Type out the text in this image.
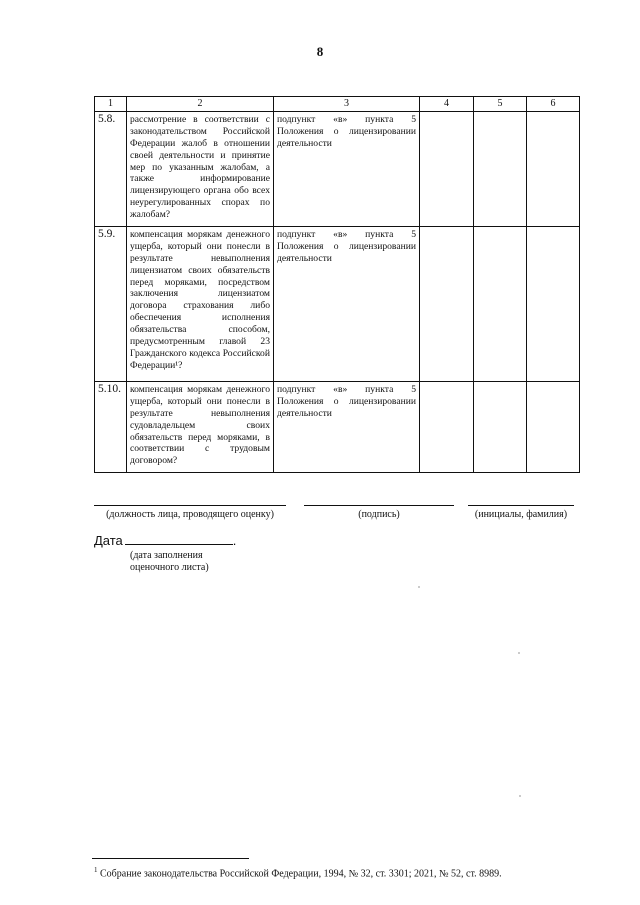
8
1	2	3	4	5	6
5.8.	рассмотрение в соответствии с законодательством Российской Федерации жалоб в отношении своей деятельности и принятие мер по указанным жалобам, а также информирование лицензирующего органа обо всех неурегулированных спорах по жалобам?	подпункт «в» пункта 5 Положения о лицензировании деятельности			
5.9.	компенсация морякам денежного ущерба, который они понесли в результате невыполнения лицензиатом своих обязательств перед моряками, посредством заключения лицензиатом договора страхования либо обеспечения исполнения обязательства способом, предусмотренным главой 23 Гражданского кодекса Российской Федерации¹?	подпункт «в» пункта 5 Положения о лицензировании деятельности			
5.10.	компенсация морякам денежного ущерба, который они понесли в результате невыполнения судовладельцем своих обязательств перед моряками, в соответствии с трудовым договором?	подпункт «в» пункта 5 Положения о лицензировании деятельности			
(должность лица, проводящего оценку)	(подпись)	(инициалы, фамилия)
Дата	.
(дата заполнения
оценочного листа)
$^1$ Собрание законодательства Российской Федерации, 1994, № 32, ст. 3301; 2021, № 52, ст. 8989.
